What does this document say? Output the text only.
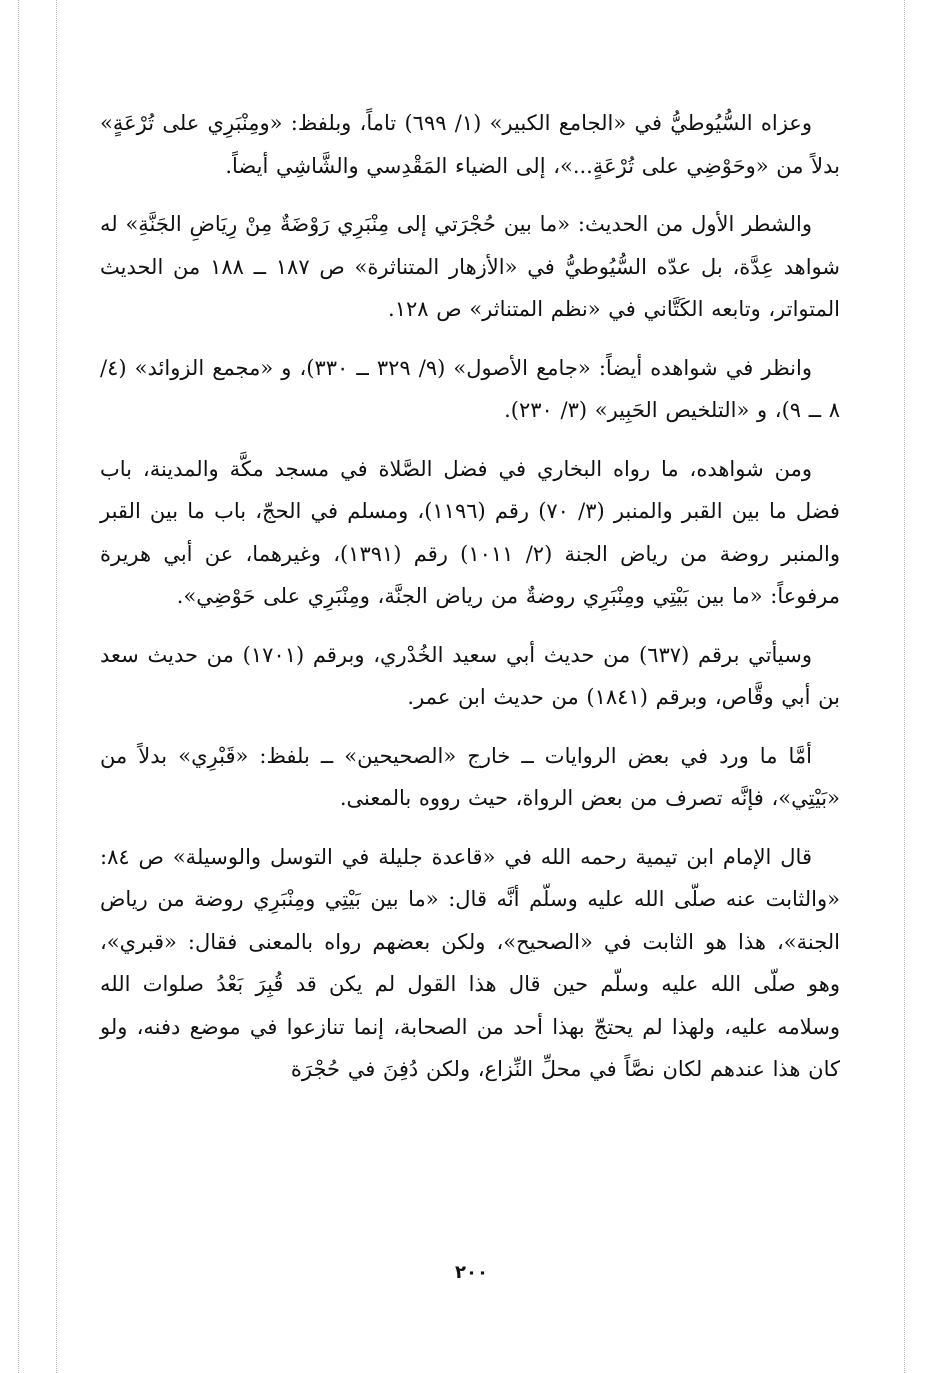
وعزاه السُّيُوطيُّ في «الجامع الكبير» (١/ ٦٩٩) تاماً، وبلفظ: «ومِنْبَرِي على تُرْعَةٍ» بدلاً من «وحَوْضِي على تُرْعَةٍ...»، إلى الضياء المَقْدِسي والشَّاشِي أيضاً.

والشطر الأول من الحديث: «ما بين حُجْرَتي إلى مِنْبَرِي رَوْضَةٌ مِنْ رِيَاضِ الجَنَّةِ» له شواهد عِدَّة، بل عدّه السُّيُوطيُّ في «الأزهار المتناثرة» ص ١٨٧ ــ ١٨٨ من الحديث المتواتر، وتابعه الكَتَّاني في «نظم المتناثر» ص ١٢٨.

وانظر في شواهده أيضاً: «جامع الأصول» (٩/ ٣٢٩ ــ ٣٣٠)، و «مجمع الزوائد» (٤/ ٨ ــ ٩)، و «التلخيص الحَبِير» (٣/ ٢٣٠).

ومن شواهده، ما رواه البخاري في فضل الصَّلاة في مسجد مكَّة والمدينة، باب فضل ما بين القبر والمنبر (٣/ ٧٠) رقم (١١٩٦)، ومسلم في الحجّ، باب ما بين القبر والمنبر روضة من رياض الجنة (٢/ ١٠١١) رقم (١٣٩١)، وغيرهما، عن أبي هريرة مرفوعاً: «ما بين بَيْتِي ومِنْبَرِي روضةٌ من رياض الجنَّة، ومِنْبَرِي على حَوْضِي».

وسيأتي برقم (٦٣٧) من حديث أبي سعيد الخُدْري، وبرقم (١٧٠١) من حديث سعد بن أبي وقَّاص، وبرقم (١٨٤١) من حديث ابن عمر.

أمَّا ما ورد في بعض الروايات ــ خارج «الصحيحين» ــ بلفظ: «قَبْرِي» بدلاً من «بَيْتِي»، فإنَّه تصرف من بعض الرواة، حيث رووه بالمعنى.

قال الإمام ابن تيمية رحمه الله في «قاعدة جليلة في التوسل والوسيلة» ص ٨٤: «والثابت عنه صلّى الله عليه وسلّم أنَّه قال: «ما بين بَيْتِي ومِنْبَرِي روضة من رياض الجنة»، هذا هو الثابت في «الصحيح»، ولكن بعضهم رواه بالمعنى فقال: «قبري»، وهو صلّى الله عليه وسلّم حين قال هذا القول لم يكن قد قُبِرَ بَعْدُ صلوات الله وسلامه عليه، ولهذا لم يحتجّ بهذا أحد من الصحابة، إنما تنازعوا في موضع دفنه، ولو كان هذا عندهم لكان نصَّاً في محلِّ النِّزاع، ولكن دُفِنَ في حُجْرَة

٢٠٠
